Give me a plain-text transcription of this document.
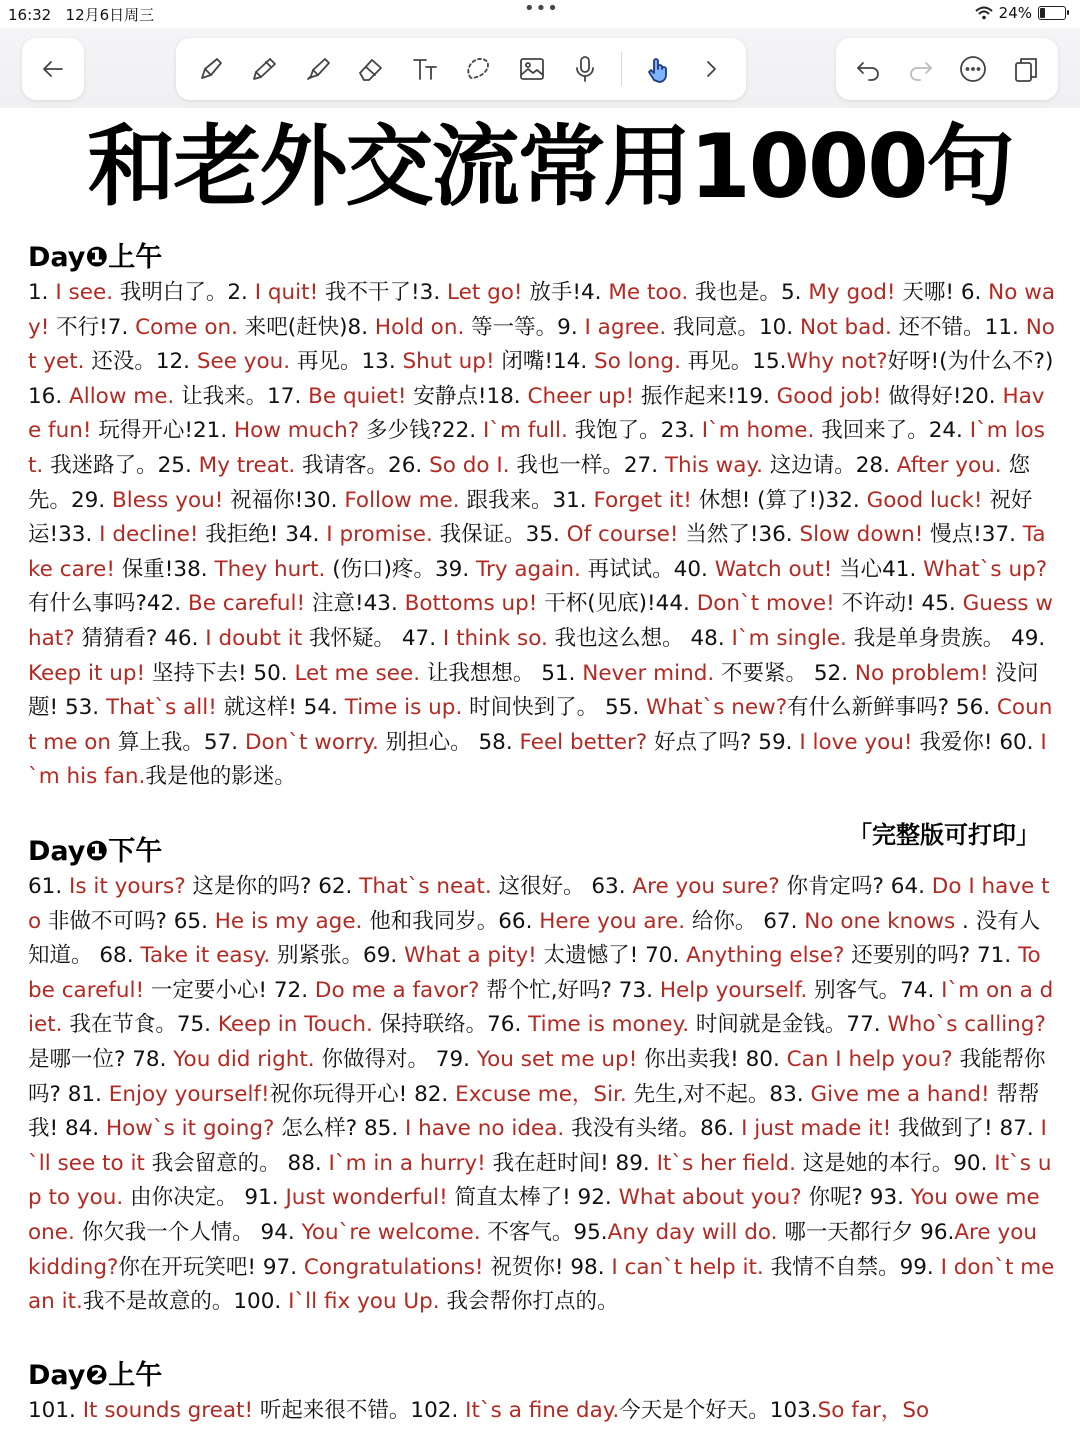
16:32 12月6日周三	•••	24%
和老外交流常用1000句
Day❶上午

1. I see. 我明白了。2. I quit! 我不干了!3. Let go! 放手!4. Me too. 我也是。5. My god! 天哪! 6. No way! 不行!7. Come on. 来吧(赶快)8. Hold on. 等一等。9. I agree. 我同意。10. Not bad. 还不错。11. Not yet. 还没。12. See you. 再见。13. Shut up! 闭嘴!14. So long. 再见。15.Why not?好呀!(为什么不?)16. Allow me. 让我来。17. Be quiet! 安静点!18. Cheer up! 振作起来!19. Good job! 做得好!20. Have fun! 玩得开心!21. How much? 多少钱?22. I`m full. 我饱了。23. I`m home. 我回来了。24. I`m lost. 我迷路了。25. My treat. 我请客。26. So do I. 我也一样。27. This way. 这边请。28. After you. 您先。29. Bless you! 祝福你!30. Follow me. 跟我来。31. Forget it! 休想! (算了!)32. Good luck! 祝好运!33. I decline! 我拒绝! 34. I promise. 我保证。35. Of course! 当然了!36. Slow down! 慢点!37. Take care! 保重!38. They hurt. (伤口)疼。39. Try again. 再试试。40. Watch out! 当心41. What`s up? 有什么事吗?42. Be careful! 注意!43. Bottoms up! 干杯(见底)!44. Don`t move! 不许动! 45. Guess what? 猜猜看? 46. I doubt it 我怀疑。 47. I think so. 我也这么想。 48. I`m single. 我是单身贵族。 49. Keep it up! 坚持下去! 50. Let me see. 让我想想。 51. Never mind. 不要紧。 52. No problem! 没问题! 53. That`s all! 就这样! 54. Time is up. 时间快到了。 55. What`s new?有什么新鲜事吗? 56. Count me on 算上我。57. Don`t worry. 别担心。 58. Feel better? 好点了吗? 59. I love you! 我爱你! 60. I`m his fan.我是他的影迷。

「完整版可打印」
Day❶下午

61. Is it yours? 这是你的吗? 62. That`s neat. 这很好。 63. Are you sure? 你肯定吗? 64. Do I have to 非做不可吗? 65. He is my age. 他和我同岁。66. Here you are. 给你。 67. No one knows . 没有人知道。 68. Take it easy. 别紧张。69. What a pity! 太遗憾了! 70. Anything else? 还要别的吗? 71. To be careful! 一定要小心! 72. Do me a favor? 帮个忙,好吗? 73. Help yourself. 别客气。74. I`m on a diet. 我在节食。75. Keep in Touch. 保持联络。76. Time is money. 时间就是金钱。77. Who`s calling? 是哪一位? 78. You did right. 你做得对。 79. You set me up! 你出卖我! 80. Can I help you? 我能帮你吗? 81. Enjoy yourself!祝你玩得开心! 82. Excuse me，Sir. 先生,对不起。83. Give me a hand! 帮帮我! 84. How`s it going? 怎么样? 85. I have no idea. 我没有头绪。86. I just made it! 我做到了! 87. I`ll see to it 我会留意的。 88. I`m in a hurry! 我在赶时间! 89. It`s her field. 这是她的本行。90. It`s up to you. 由你决定。 91. Just wonderful! 简直太棒了! 92. What about you? 你呢? 93. You owe me one. 你欠我一个人情。 94. You`re welcome. 不客气。95.Any day will do. 哪一天都行夕 96.Are you kidding?你在开玩笑吧! 97. Congratulations! 祝贺你! 98. I can`t help it. 我情不自禁。99. I don`t mean it.我不是故意的。100. I`ll fix you Up. 我会帮你打点的。

Day❷上午

101. It sounds great! 听起来很不错。102. It`s a fine day.今天是个好天。103.So far，So
